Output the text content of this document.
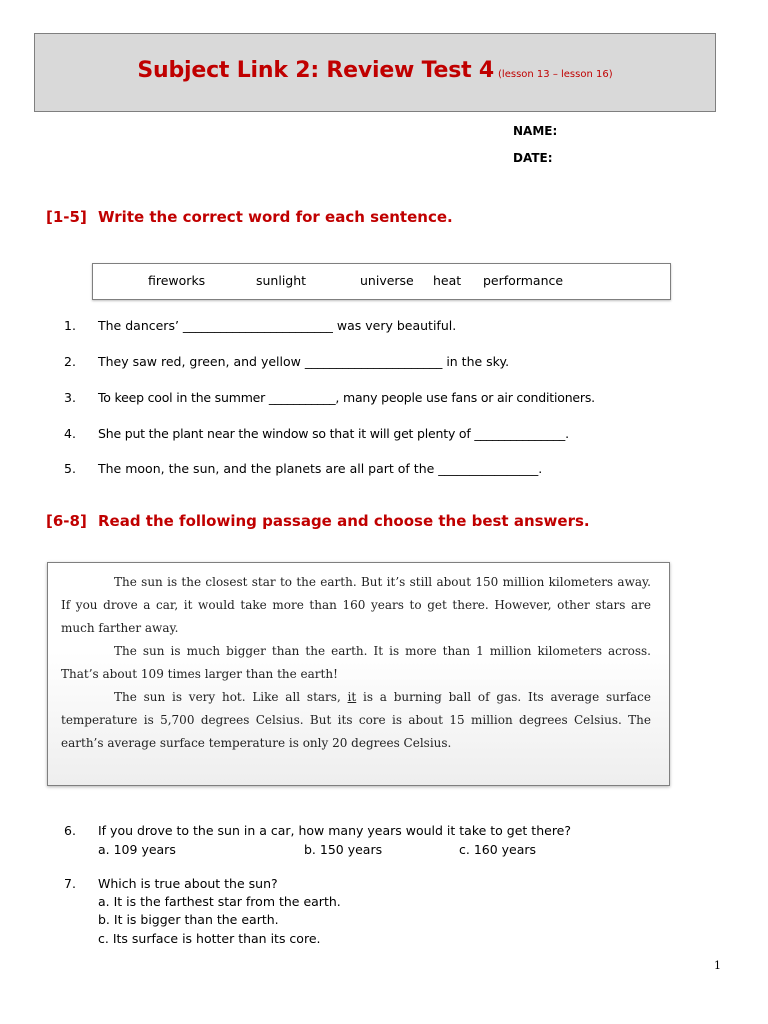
Subject Link 2: Review Test 4 (lesson 13 – lesson 16)
NAME:
DATE:
[1-5] Write the correct word for each sentence.
fireworks	sunlight	universe heat performance
1. The dancers’ ________________________ was very beautiful.
2. They saw red, green, and yellow ______________________ in the sky.
3. To keep cool in the summer ___________, many people use fans or air conditioners.
4. She put the plant near the window so that it will get plenty of _______________.
5. The moon, the sun, and the planets are all part of the ________________.
[6-8] Read the following passage and choose the best answers.

The sun is the closest star to the earth. But it’s still about 150 million kilometers away. If you drove a car, it would take more than 160 years to get there. However, other stars are much farther away.

The sun is much bigger than the earth. It is more than 1 million kilometers across. That’s about 109 times larger than the earth!

The sun is very hot. Like all stars, it is a burning ball of gas. Its average surface temperature is 5,700 degrees Celsius. But its core is about 15 million degrees Celsius. The earth’s average surface temperature is only 20 degrees Celsius.

6. If you drove to the sun in a car, how many years would it take to get there?
a. 109 years	b. 150 years	c. 160 years
7. Which is true about the sun?
a. It is the farthest star from the earth.
b. It is bigger than the earth.
c. Its surface is hotter than its core.
1
